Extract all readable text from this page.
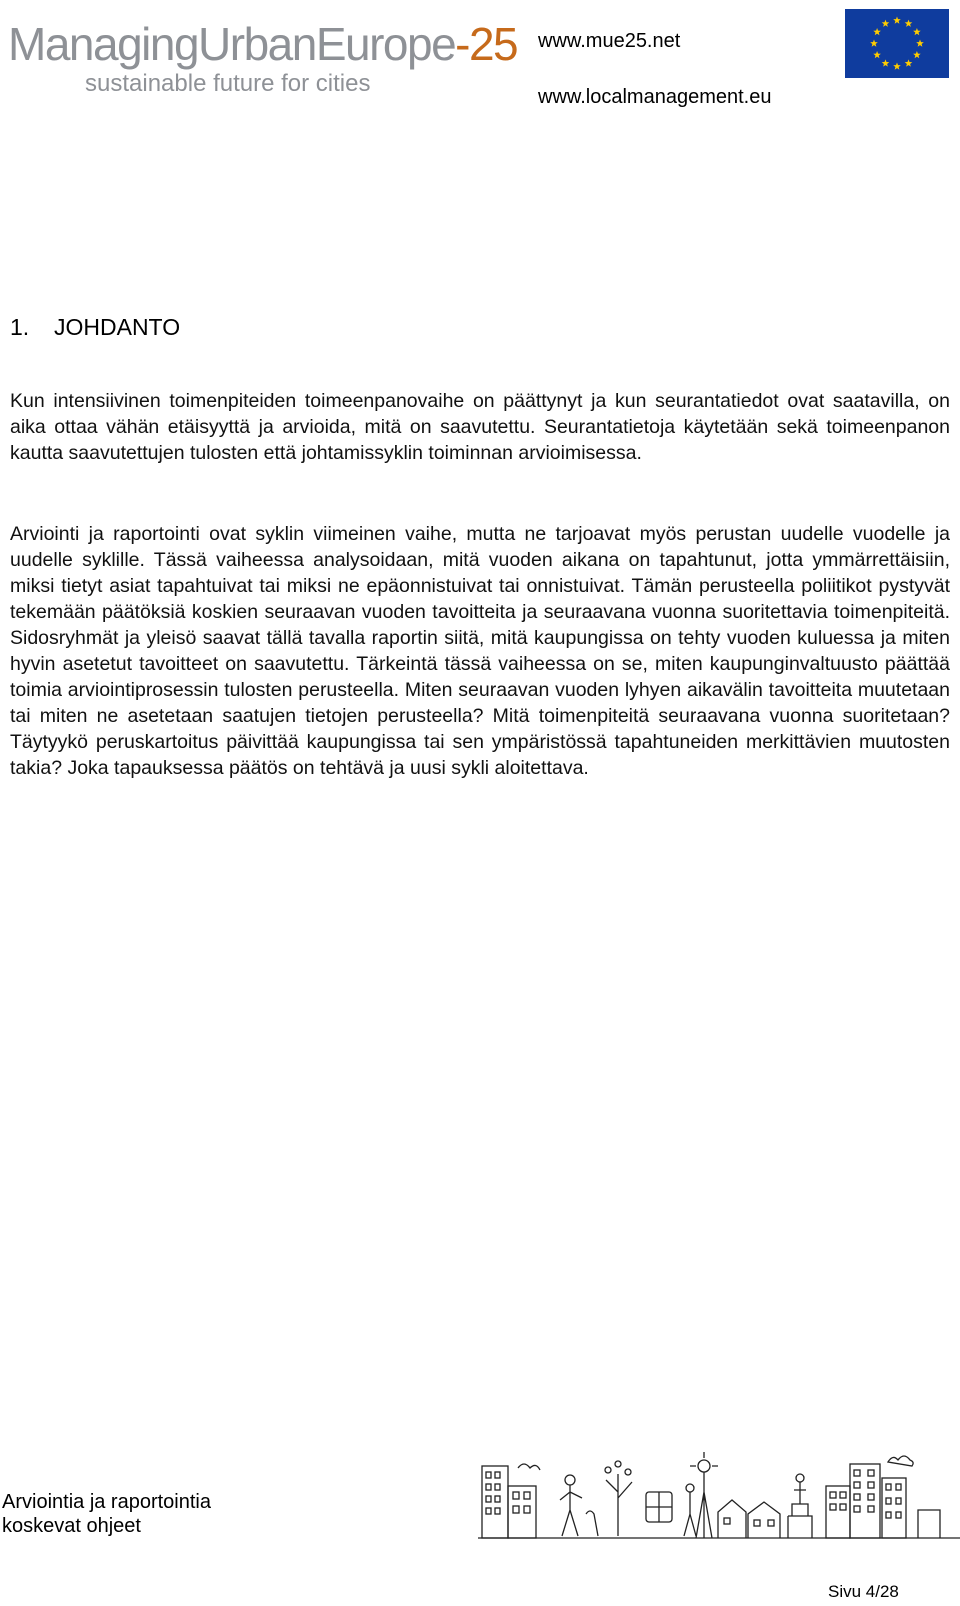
ManagingUrbanEurope-25
sustainable future for cities
www.mue25.net
www.localmanagement.eu
1. JOHDANTO

Kun intensiivinen toimenpiteiden toimeenpanovaihe on päättynyt ja kun seurantatiedot ovat saatavilla, on aika ottaa vähän etäisyyttä ja arvioida, mitä on saavutettu. Seurantatietoja käytetään sekä toimeenpanon kautta saavutettujen tulosten että johtamissyklin toiminnan arvioimisessa.

Arviointi ja raportointi ovat syklin viimeinen vaihe, mutta ne tarjoavat myös perustan uudelle vuodelle ja uudelle syklille. Tässä vaiheessa analysoidaan, mitä vuoden aikana on tapahtunut, jotta ymmärrettäisiin, miksi tietyt asiat tapahtuivat tai miksi ne epäonnistuivat tai onnistuivat. Tämän perusteella poliitikot pystyvät tekemään päätöksiä koskien seuraavan vuoden tavoitteita ja seuraavana vuonna suoritettavia toimenpiteitä. Sidosryhmät ja yleisö saavat tällä tavalla raportin siitä, mitä kaupungissa on tehty vuoden kuluessa ja miten hyvin asetetut tavoitteet on saavutettu. Tärkeintä tässä vaiheessa on se, miten kaupunginvaltuusto päättää toimia arviointiprosessin tulosten perusteella. Miten seuraavan vuoden lyhyen aikavälin tavoitteita muutetaan tai miten ne asetetaan saatujen tietojen perusteella? Mitä toimenpiteitä seuraavana vuonna suoritetaan? Täytyykö peruskartoitus päivittää kaupungissa tai sen ympäristössä tapahtuneiden merkittävien muutosten takia? Joka tapauksessa päätös on tehtävä ja uusi sykli aloitettava.

Arviointia ja raportointia
koskevat ohjeet
Sivu 4/28
